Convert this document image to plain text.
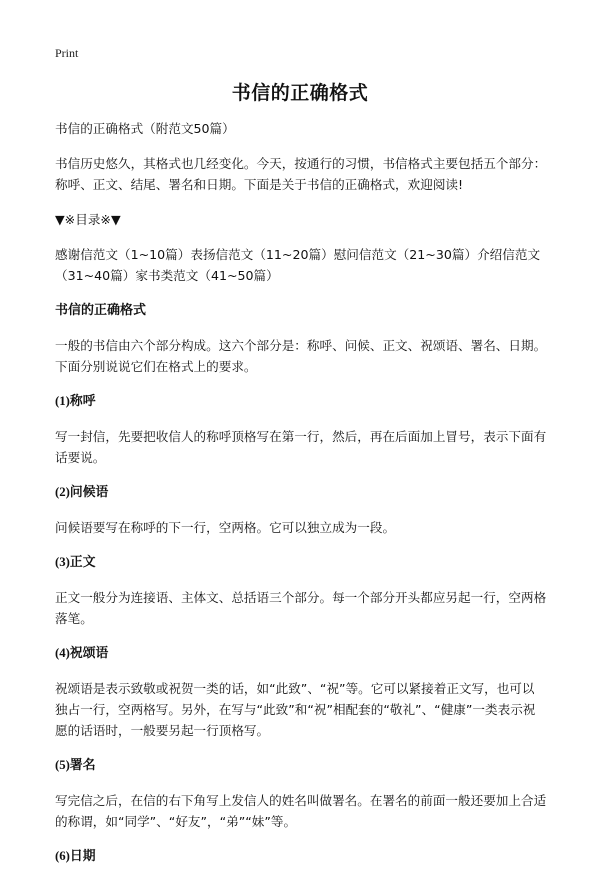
Print
书信的正确格式
书信的正确格式（附范文50篇）
书信历史悠久，其格式也几经变化。今天，按通行的习惯，书信格式主要包括五个部分：称呼、正文、结尾、署名和日期。下面是关于书信的正确格式，欢迎阅读!
▼※目录※▼
感谢信范文（1~10篇）表扬信范文（11~20篇）慰问信范文（21~30篇）介绍信范文（31~40篇）家书类范文（41~50篇）
书信的正确格式
一般的书信由六个部分构成。这六个部分是：称呼、问候、正文、祝颂语、署名、日期。下面分别说说它们在格式上的要求。
(1)称呼
写一封信，先要把收信人的称呼顶格写在第一行，然后，再在后面加上冒号，表示下面有话要说。
(2)问候语
问候语要写在称呼的下一行，空两格。它可以独立成为一段。
(3)正文
正文一般分为连接语、主体文、总括语三个部分。每一个部分开头都应另起一行，空两格落笔。
(4)祝颂语
祝颂语是表示致敬或祝贺一类的话，如“此致”、“祝”等。它可以紧接着正文写，也可以独占一行，空两格写。另外，在写与“此致”和“祝”相配套的“敬礼”、“健康”一类表示祝愿的话语时，一般要另起一行顶格写。
(5)署名
写完信之后，在信的右下角写上发信人的姓名叫做署名。在署名的前面一般还要加上合适的称谓，如“同学”、“好友”，“弟”“妹”等。
(6)日期
